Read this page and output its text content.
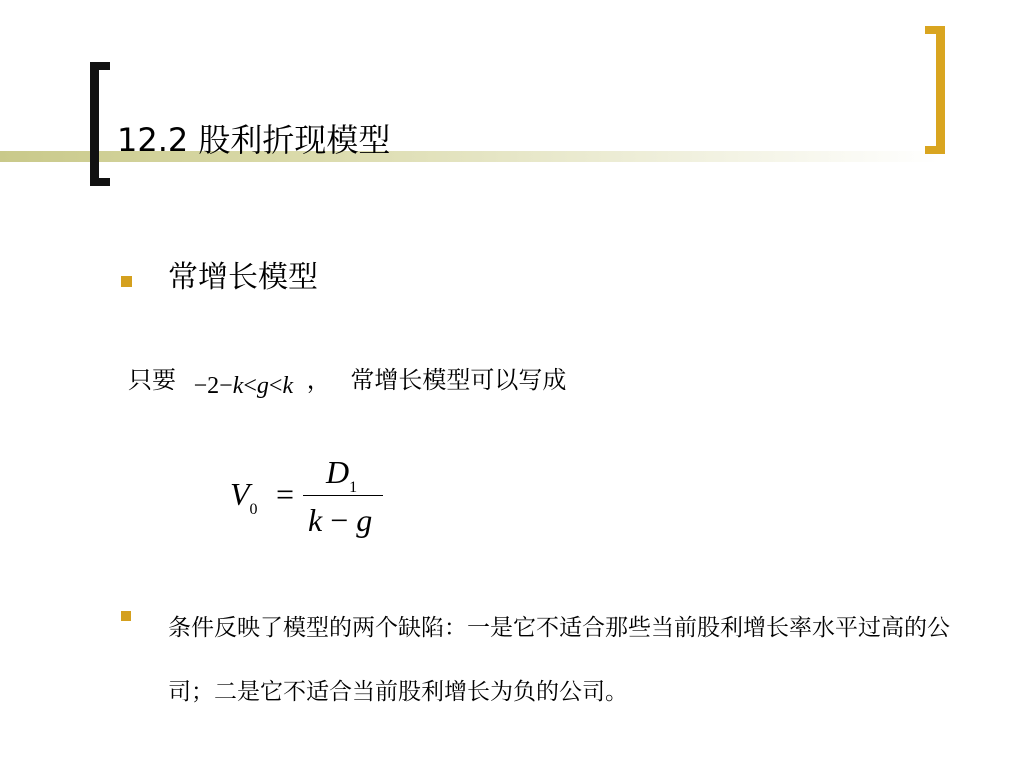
12.2 股利折现模型
常增长模型
只要 −2−k<g<k ， 常增长模型可以写成
$V_0$ =
$D_1$
k − g
条件反映了模型的两个缺陷：一是它不适合那些当前股利增长率水平过高的公司；二是它不适合当前股利增长为负的公司。
